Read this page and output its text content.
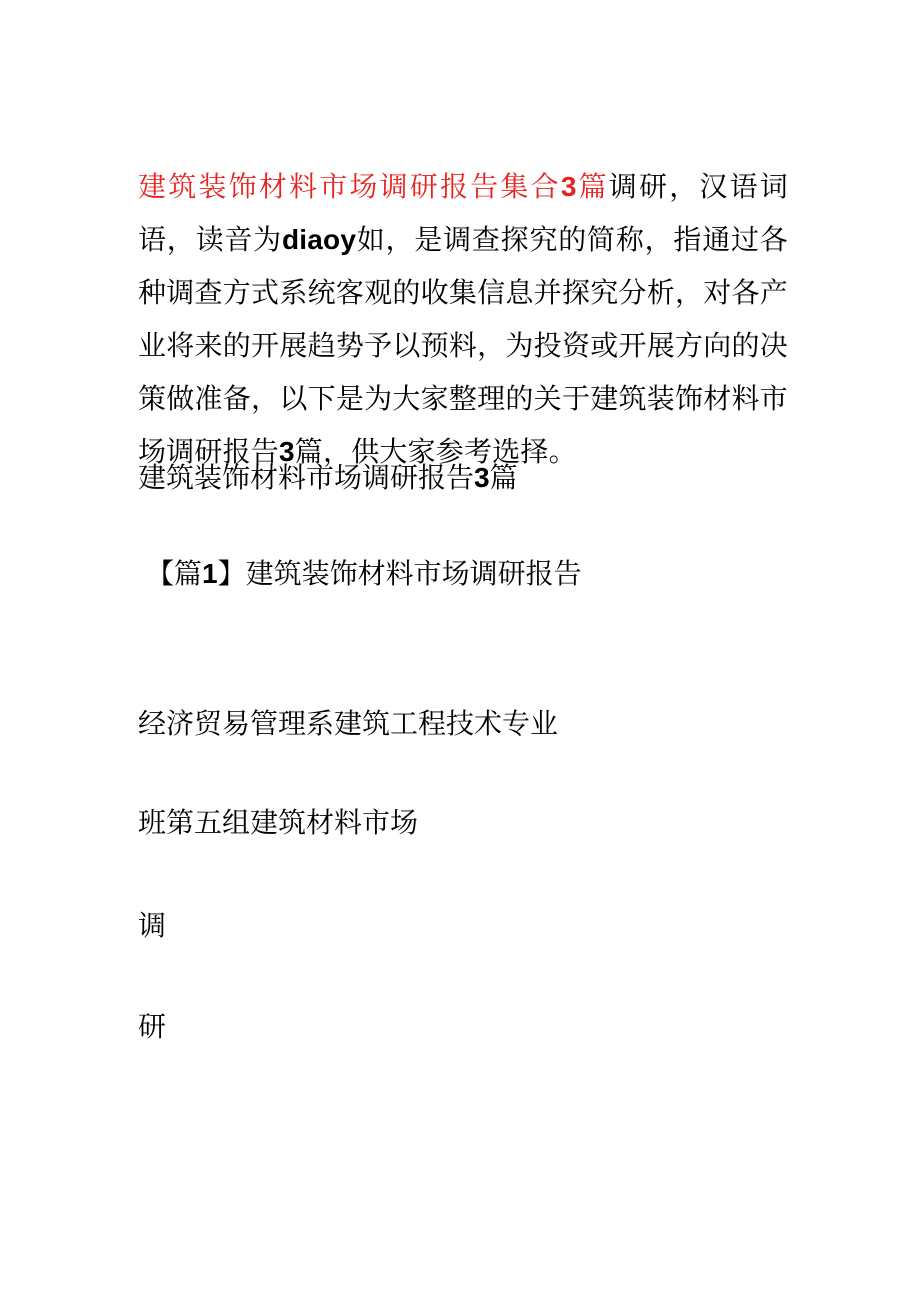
建筑装饰材料市场调研报告集合3篇调研，汉语词语，读音为diaoy如，是调查探究的简称，指通过各种调查方式系统客观的收集信息并探究分析，对各产业将来的开展趋势予以预料，为投资或开展方向的决策做准备，以下是为大家整理的关于建筑装饰材料市场调研报告3篇，供大家参考选择。

建筑装饰材料市场调研报告3篇

【篇1】建筑装饰材料市场调研报告

经济贸易管理系建筑工程技术专业

班第五组建筑材料市场

调

研
